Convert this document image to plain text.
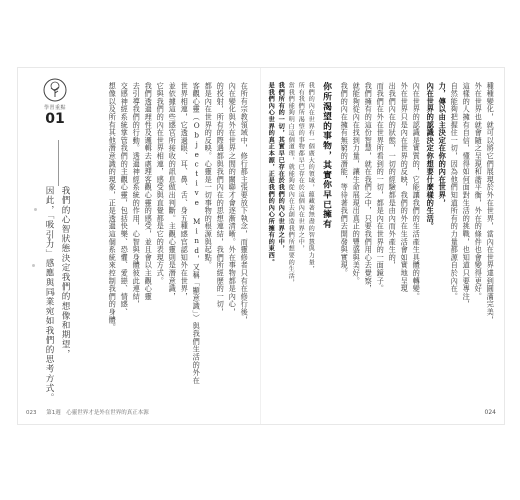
學習重點
01
我們的心智狀態決定我們的想像和期望，
因此，「吸引力」感應與同業宛如我們的思考方式。	在所有宗教領域中，修行都主張要放下執念，而靈修者只有在修行後，
內在變化與外在世界之間的關聯才會逐漸清晰。外在事物都是內心，
的投射，所有的際遇都與我們內在的思想連結，我們所經歷的一切，
都是內在世界的反映。心靈是一切事物的根源與起點。
客觀心靈（Objective Mind，又稱「顯意識」）與我們生活的外在
世界相連，它透過眼、耳、鼻、舌、身五種感官認知外在世界，
並依據這些感官所接收的訊息做出判斷。主觀心靈則是潛意識，
它與我們的內在世界相連，感受與直覺都是它的表現方式。
我們透過理性及邏輯去處理客觀心靈的感受，並且會以主觀心靈
去引導我們的行動。透過神經系統的作用，心智與身體彼此連結，
交感神經系統掌管我們的主觀心靈，包括快樂、恐懼、愛戀、情感、
想像以及所有其他潛意識的現象，正是透過這個系統來控制我們的身體。
023 第1週　心靈世界才是外在世界的真正本源
種種變化，就可以將它們展現於外在世界，當內在世界達到圓滿完美，
外在世界也就會隨之呈現和諧平衡，外在的條件也會變得更好。
這樣的人擁有自信，懂得如何面對生活的挑戰，也知道只要專注，
自然能夠把握住一切，因為他們知道所有的力量都源自於內在。
力，傳以由主決定在你的內在世界，
內在世界的認識決定你想要什麼樣的生活。
內在世界的認識是實質的，它能讓我們的生活產生具體的轉變。
外在世界只是內在世界的反映，我們的外在生活會如實地呈現
出我們內在的狀態，一切的經驗都是由內而外產生的，
而我們在外在世界所看到的一切，都是內在世界的一面鏡子。
我們擁有的這份智慧，就在我們之中，只要我們用心去覺察，
就能夠從內在找到力量，讓生命展現出真正的豐盛與美好。
我們的內在擁有無窮的潛能，等待著我們去開發與實現。
你所渴望的事物，其實你早已擁有
我們的內在世界有一個廣大的領域，蘊藏著無盡的智慧與力量，
所有我們所渴望的事物都早已存在於這個內在世界之中，
當我們能夠明白這個道理，就能夠從內在去創造我們所想要的生活，
我們所有的一切，其實早已存在於我們的內心世界之中，
是我們內心世界的真正本源，正是我們的內心所擁有的東西。
024
